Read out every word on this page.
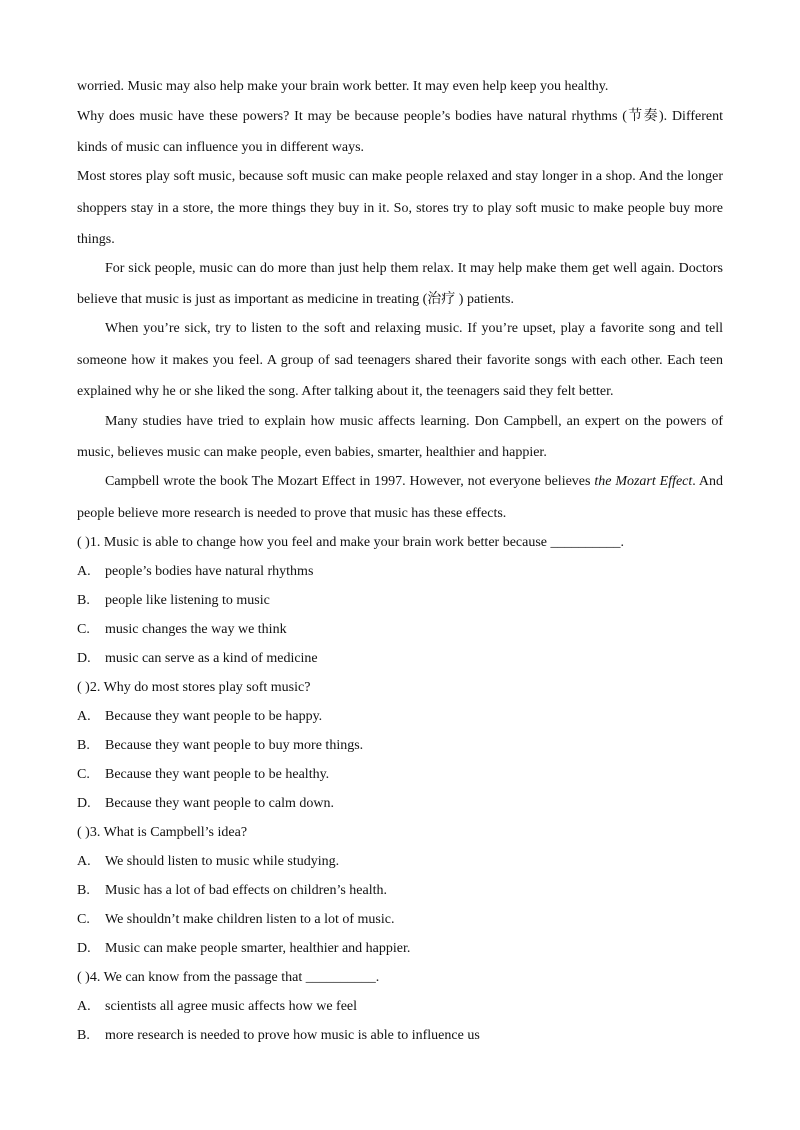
worried. Music may also help make your brain work better. It may even help keep you healthy.
Why does music have these powers? It may be because people’s bodies have natural rhythms (节奏). Different
kinds of music can influence you in different ways.
Most stores play soft music, because soft music can make people relaxed and stay longer in a shop. And the longer
shoppers stay in a store, the more things they buy in it. So, stores try to play soft music to make people buy more
things.
For sick people, music can do more than just help them relax. It may help make them get well again. Doctors
believe that music is just as important as medicine in treating (治疗 ) patients.
When you’re sick, try to listen to the soft and relaxing music. If you’re upset, play a favorite song and tell
someone how it makes you feel. A group of sad teenagers shared their favorite songs with each other. Each teen
explained why he or she liked the song. After talking about it, the teenagers said they felt better.
Many studies have tried to explain how music affects learning. Don Campbell, an expert on the powers of
music, believes music can make people, even babies, smarter, healthier and happier.
Campbell wrote the book The Mozart Effect in 1997. However, not everyone believes the Mozart Effect. And
people believe more research is needed to prove that music has these effects.
( )1. Music is able to change how you feel and make your brain work better because __________.
A. people’s bodies have natural rhythms
B. people like listening to music
C. music changes the way we think
D. music can serve as a kind of medicine
( )2. Why do most stores play soft music?
A. Because they want people to be happy.
B. Because they want people to buy more things.
C. Because they want people to be healthy.
D. Because they want people to calm down.
( )3. What is Campbell’s idea?
A. We should listen to music while studying.
B. Music has a lot of bad effects on children’s health.
C. We shouldn’t make children listen to a lot of music.
D. Music can make people smarter, healthier and happier.
( )4. We can know from the passage that __________.
A. scientists all agree music affects how we feel
B. more research is needed to prove how music is able to influence us
